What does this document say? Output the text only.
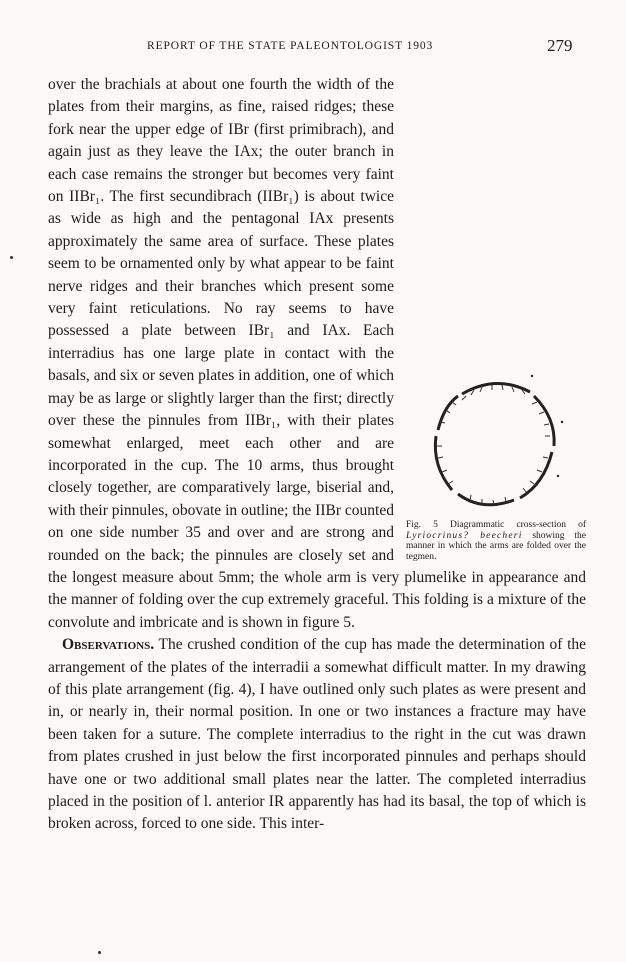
REPORT OF THE STATE PALEONTOLOGIST 1903	279
Fig. 5 Diagrammatic cross-section of Lyriocrinus? beecheri showing the manner in which the arms are folded over the tegmen.

over the brachials at about one fourth the width of the plates from their margins, as fine, raised ridges; these fork near the upper edge of IBr (first primibrach), and again just as they leave the IAx; the outer branch in each case remains the stronger but becomes very faint on IIBr₁. The first secundibrach (IIBr₁) is about twice as wide as high and the pentagonal IAx presents approximately the same area of surface. These plates seem to be ornamented only by what appear to be faint nerve ridges and their branches which present some very faint reticulations. No ray seems to have possessed a plate between IBr₁ and IAx. Each interradius has one large plate in contact with the basals, and six or seven plates in addition, one of which may be as large or slightly larger than the first; directly over these the pinnules from IIBr₁, with their plates somewhat enlarged, meet each other and are incorporated in the cup. The 10 arms, thus brought closely together, are comparatively large, biserial and, with their pinnules, obovate in outline; the IIBr counted on one side number 35 and over and are strong and rounded on the back; the pinnules are closely set and the longest measure about 5mm; the whole arm is very plumelike in appearance and the manner of folding over the cup extremely graceful. This folding is a mixture of the convolute and imbricate and is shown in figure 5.

Observations. The crushed condition of the cup has made the determination of the arrangement of the plates of the interradii a somewhat difficult matter. In my drawing of this plate arrangement (fig. 4), I have outlined only such plates as were present and in, or nearly in, their normal position. In one or two instances a fracture may have been taken for a suture. The complete interradius to the right in the cut was drawn from plates crushed in just below the first incorporated pinnules and perhaps should have one or two additional small plates near the latter. The completed interradius placed in the position of l. anterior IR apparently has had its basal, the top of which is broken across, forced to one side. This inter-
